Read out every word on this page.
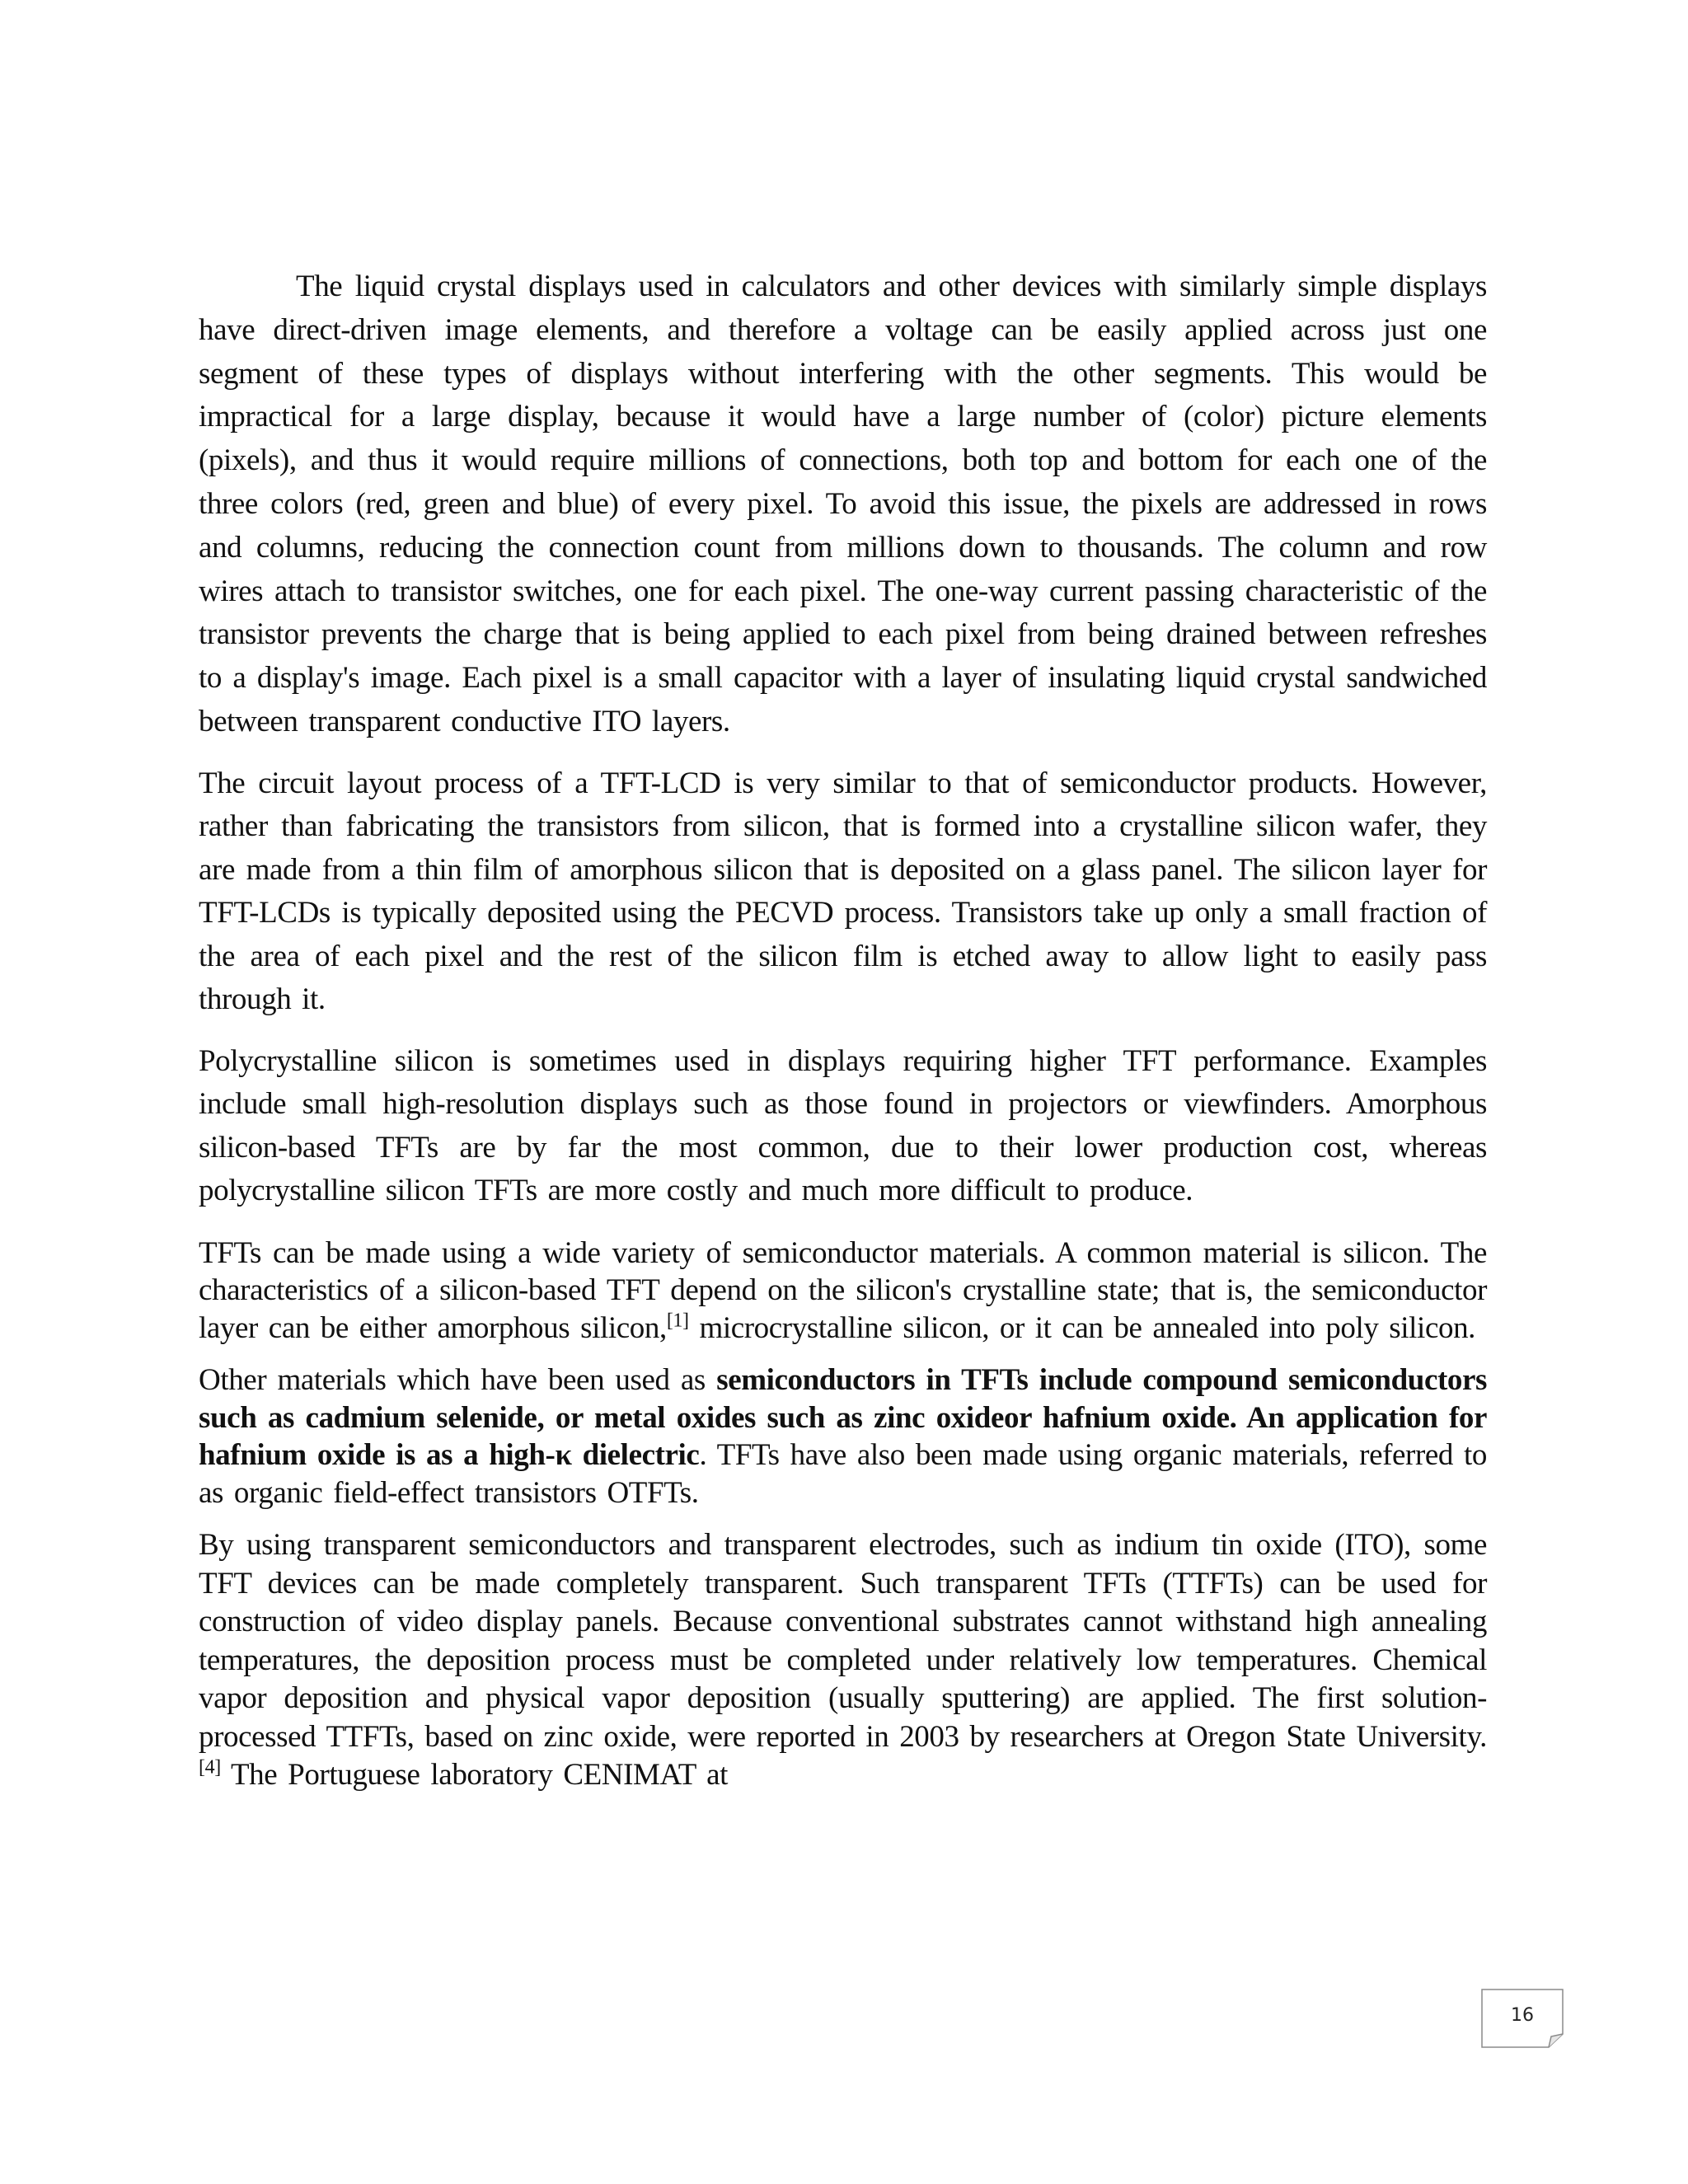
The liquid crystal displays used in calculators and other devices with similarly simple displays have direct-driven image elements, and therefore a voltage can be easily applied across just one segment of these types of displays without interfering with the other segments. This would be impractical for a large display, because it would have a large number of (color) picture elements (pixels), and thus it would require millions of connections, both top and bottom for each one of the three colors (red, green and blue) of every pixel. To avoid this issue, the pixels are addressed in rows and columns, reducing the connection count from millions down to thousands. The column and row wires attach to transistor switches, one for each pixel. The one-way current passing characteristic of the transistor prevents the charge that is being applied to each pixel from being drained between refreshes to a display's image. Each pixel is a small capacitor with a layer of insulating liquid crystal sandwiched between transparent conductive ITO layers.

The circuit layout process of a TFT-LCD is very similar to that of semiconductor products. However, rather than fabricating the transistors from silicon, that is formed into a crystalline silicon wafer, they are made from a thin film of amorphous silicon that is deposited on a glass panel. The silicon layer for TFT-LCDs is typically deposited using the PECVD process. Transistors take up only a small fraction of the area of each pixel and the rest of the silicon film is etched away to allow light to easily pass through it.

Polycrystalline silicon is sometimes used in displays requiring higher TFT performance. Examples include small high-resolution displays such as those found in projectors or viewfinders. Amorphous silicon-based TFTs are by far the most common, due to their lower production cost, whereas polycrystalline silicon TFTs are more costly and much more difficult to produce.

TFTs can be made using a wide variety of semiconductor materials. A common material is silicon. The characteristics of a silicon-based TFT depend on the silicon's crystalline state; that is, the semiconductor layer can be either amorphous silicon,[1] microcrystalline silicon, or it can be annealed into poly silicon.

Other materials which have been used as semiconductors in TFTs include compound semiconductors such as cadmium selenide, or metal oxides such as zinc oxideor hafnium oxide. An application for hafnium oxide is as a high-κ dielectric. TFTs have also been made using organic materials, referred to as organic field-effect transistors OTFTs.

By using transparent semiconductors and transparent electrodes, such as indium tin oxide (ITO), some TFT devices can be made completely transparent. Such transparent TFTs (TTFTs) can be used for construction of video display panels. Because conventional substrates cannot withstand high annealing temperatures, the deposition process must be completed under relatively low temperatures. Chemical vapor deposition and physical vapor deposition (usually sputtering) are applied. The first solution-processed TTFTs, based on zinc oxide, were reported in 2003 by researchers at Oregon State University.[4] The Portuguese laboratory CENIMAT at

16
